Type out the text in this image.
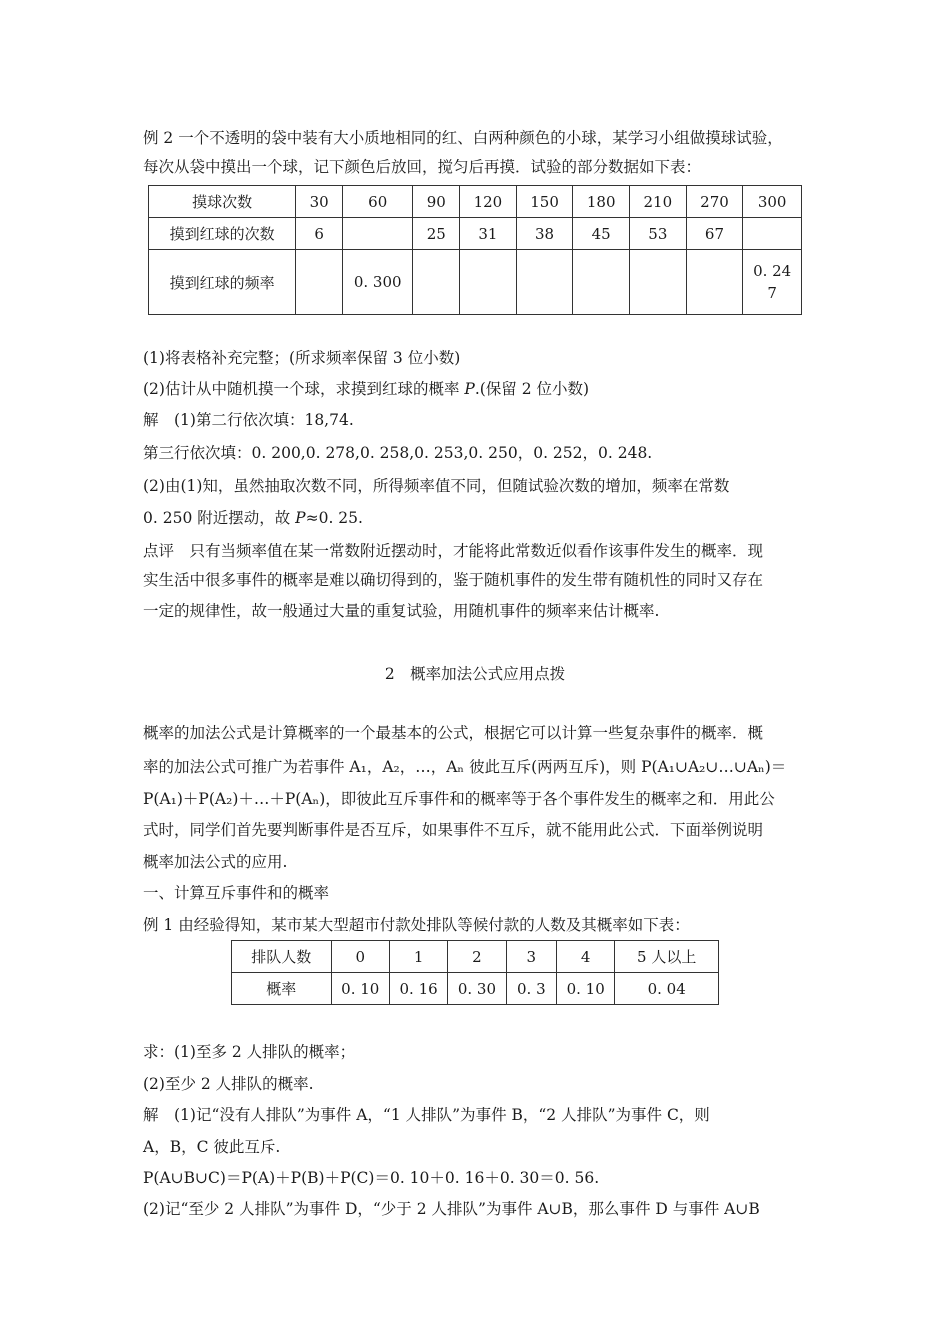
例 2 一个不透明的袋中装有大小质地相同的红、白两种颜色的小球，某学习小组做摸球试验，
每次从袋中摸出一个球，记下颜色后放回，搅匀后再摸．试验的部分数据如下表：
摸球次数	30	60	90	120	150	180	210	270	300
摸到红球的次数	6		25	31	38	45	53	67	
摸到红球的频率		0. 300							0. 24
7
(1)将表格补充完整；(所求频率保留 3 位小数)
(2)估计从中随机摸一个球，求摸到红球的概率 P.(保留 2 位小数)
解　(1)第二行依次填：18,74.
第三行依次填：0. 200,0. 278,0. 258,0. 253,0. 250，0. 252，0. 248.
(2)由(1)知，虽然抽取次数不同，所得频率值不同，但随试验次数的增加，频率在常数
0. 250 附近摆动，故 P≈0. 25.
点评　只有当频率值在某一常数附近摆动时，才能将此常数近似看作该事件发生的概率．现
实生活中很多事件的概率是难以确切得到的，鉴于随机事件的发生带有随机性的同时又存在
一定的规律性，故一般通过大量的重复试验，用随机事件的频率来估计概率.
2　概率加法公式应用点拨
概率的加法公式是计算概率的一个最基本的公式，根据它可以计算一些复杂事件的概率．概
率的加法公式可推广为若事件 A₁，A₂，…，Aₙ 彼此互斥(两两互斥)，则 P(A₁∪A₂∪…∪Aₙ)＝
P(A₁)＋P(A₂)＋…＋P(Aₙ)，即彼此互斥事件和的概率等于各个事件发生的概率之和．用此公
式时，同学们首先要判断事件是否互斥，如果事件不互斥，就不能用此公式．下面举例说明
概率加法公式的应用.
一、计算互斥事件和的概率
例 1 由经验得知，某市某大型超市付款处排队等候付款的人数及其概率如下表：
排队人数	0	1	2	3	4	5 人以上
概率	0. 10	0. 16	0. 30	0. 3	0. 10	0. 04
求：(1)至多 2 人排队的概率；
(2)至少 2 人排队的概率.
解　(1)记“没有人排队”为事件 A，“1 人排队”为事件 B，“2 人排队”为事件 C，则
A，B，C 彼此互斥.
P(A∪B∪C)＝P(A)＋P(B)＋P(C)＝0. 10＋0. 16＋0. 30＝0. 56.
(2)记“至少 2 人排队”为事件 D，“少于 2 人排队”为事件 A∪B，那么事件 D 与事件 A∪B
